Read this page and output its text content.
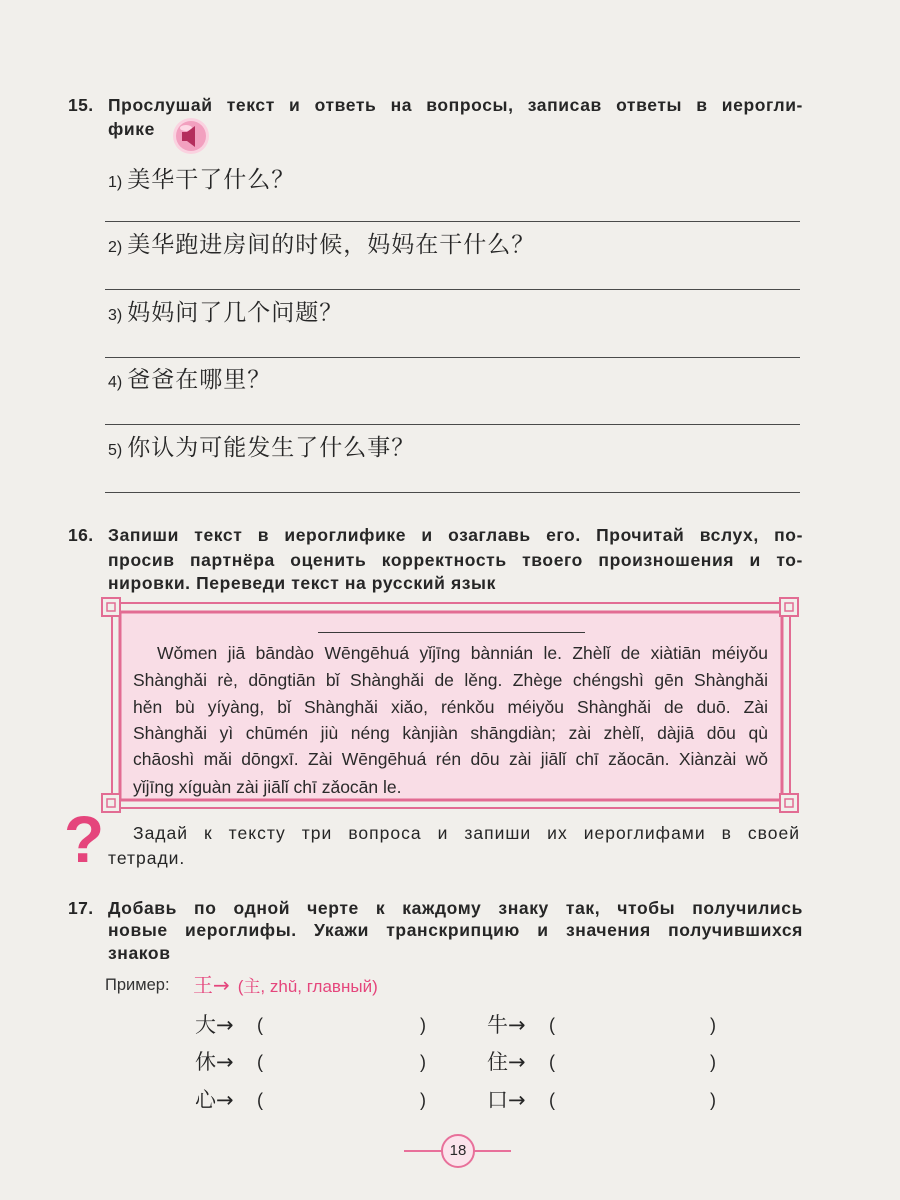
15. Прослушай текст и ответь на вопросы, записав ответы в иерогли-
фике
1) 美华干了什么？
2) 美华跑进房间的时候，妈妈在干什么？
3) 妈妈问了几个问题？
4) 爸爸在哪里？
5) 你认为可能发生了什么事？
16. Запиши текст в иероглифике и озаглавь его. Прочитай вслух, по-
просив партнёра оценить корректность твоего произношения и то-
нировки. Переведи текст на русский язык
Wǒmen jiā bāndào Wēngēhuá yǐjīng bànnián le. Zhèlǐ de xiàtiān méiyǒu
Shànghǎi rè, dōngtiān bǐ Shànghǎi de lěng. Zhège chéngshì gēn Shànghǎi
hěn bù yíyàng, bǐ Shànghǎi xiǎo, rénkǒu méiyǒu Shànghǎi de duō. Zài
Shànghǎi yì chūmén jiù néng kànjiàn shāngdiàn; zài zhèlǐ, dàjiā dōu qù
chāoshì mǎi dōngxī. Zài Wēngēhuá rén dōu zài jiālǐ chī zǎocān. Xiànzài wǒ
yǐjīng xíguàn zài jiālǐ chī zǎocān le.
? Задай к тексту три вопроса и запиши их иероглифами в своей
тетради.
17. Добавь по одной черте к каждому знаку так, чтобы получились
новые иероглифы. Укажи транскрипцию и значения получившихся
знаков
Пример: 王→ (主, zhǔ, главный)
大→ (	)	牛→ (	)
休→ (	)	住→ (	)
心→ (	)	口→ (	)
18
